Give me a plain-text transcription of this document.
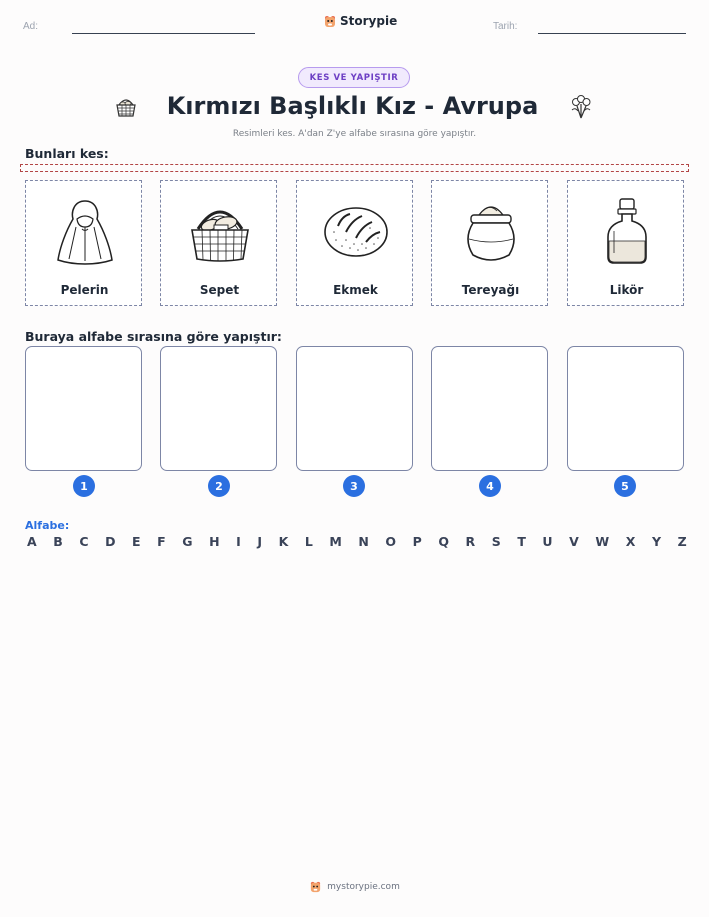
Ad:	Storypie	Tarih:
KES VE YAPIŞTIR
Kırmızı Başlıklı Kız - Avrupa
Resimleri kes. A'dan Z'ye alfabe sırasına göre yapıştır.
Bunları kes:
Pelerin	Sepet	Ekmek	Tereyağı	Likör
Buraya alfabe sırasına göre yapıştır:
1	2	3	4	5
Alfabe:
A B C D E F G H I J K L M N O P Q R S T U V W X Y Z
mystorypie.com
